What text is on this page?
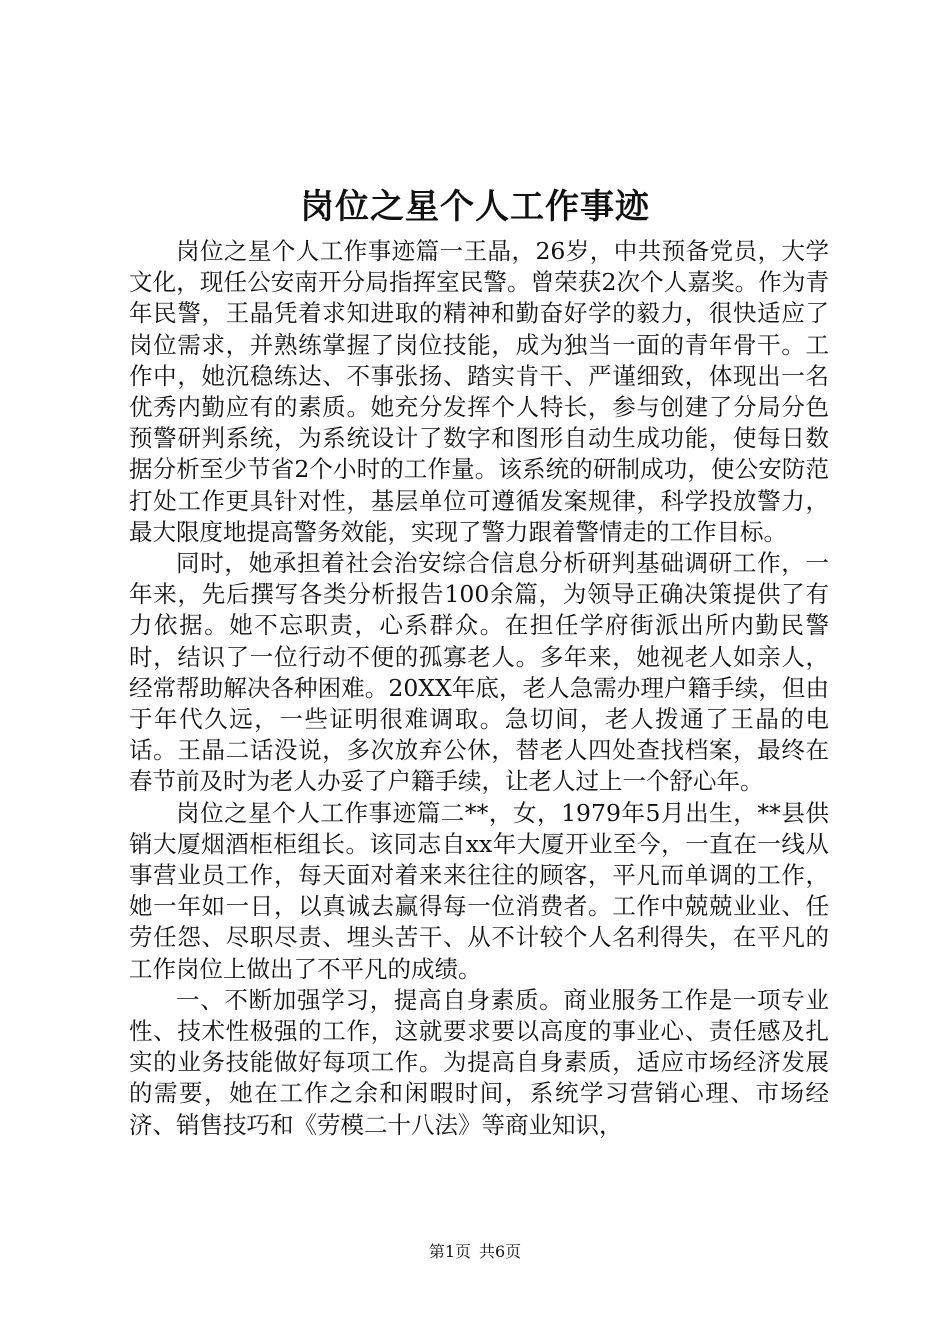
岗位之星个人工作事迹

岗位之星个人工作事迹篇一王晶，26岁，中共预备党员，大学文化，现任公安南开分局指挥室民警。曾荣获2次个人嘉奖。作为青年民警，王晶凭着求知进取的精神和勤奋好学的毅力，很快适应了岗位需求，并熟练掌握了岗位技能，成为独当一面的青年骨干。工作中，她沉稳练达、不事张扬、踏实肯干、严谨细致，体现出一名优秀内勤应有的素质。她充分发挥个人特长，参与创建了分局分色预警研判系统，为系统设计了数字和图形自动生成功能，使每日数据分析至少节省2个小时的工作量。该系统的研制成功，使公安防范打处工作更具针对性，基层单位可遵循发案规律，科学投放警力，最大限度地提高警务效能，实现了警力跟着警情走的工作目标。

同时，她承担着社会治安综合信息分析研判基础调研工作，一年来，先后撰写各类分析报告100余篇，为领导正确决策提供了有力依据。她不忘职责，心系群众。在担任学府街派出所内勤民警时，结识了一位行动不便的孤寡老人。多年来，她视老人如亲人，经常帮助解决各种困难。20XX年底，老人急需办理户籍手续，但由于年代久远，一些证明很难调取。急切间，老人拨通了王晶的电话。王晶二话没说，多次放弃公休，替老人四处查找档案，最终在春节前及时为老人办妥了户籍手续，让老人过上一个舒心年。

岗位之星个人工作事迹篇二**，女，1979年5月出生，**县供销大厦烟酒柜柜组长。该同志自xx年大厦开业至今，一直在一线从事营业员工作，每天面对着来来往往的顾客，平凡而单调的工作，她一年如一日，以真诚去赢得每一位消费者。工作中兢兢业业、任劳任怨、尽职尽责、埋头苦干、从不计较个人名利得失，在平凡的工作岗位上做出了不平凡的成绩。

一、不断加强学习，提高自身素质。商业服务工作是一项专业性、技术性极强的工作，这就要求要以高度的事业心、责任感及扎实的业务技能做好每项工作。为提高自身素质，适应市场经济发展的需要，她在工作之余和闲暇时间，系统学习营销心理、市场经济、销售技巧和《劳模二十八法》等商业知识，

第1页 共6页
